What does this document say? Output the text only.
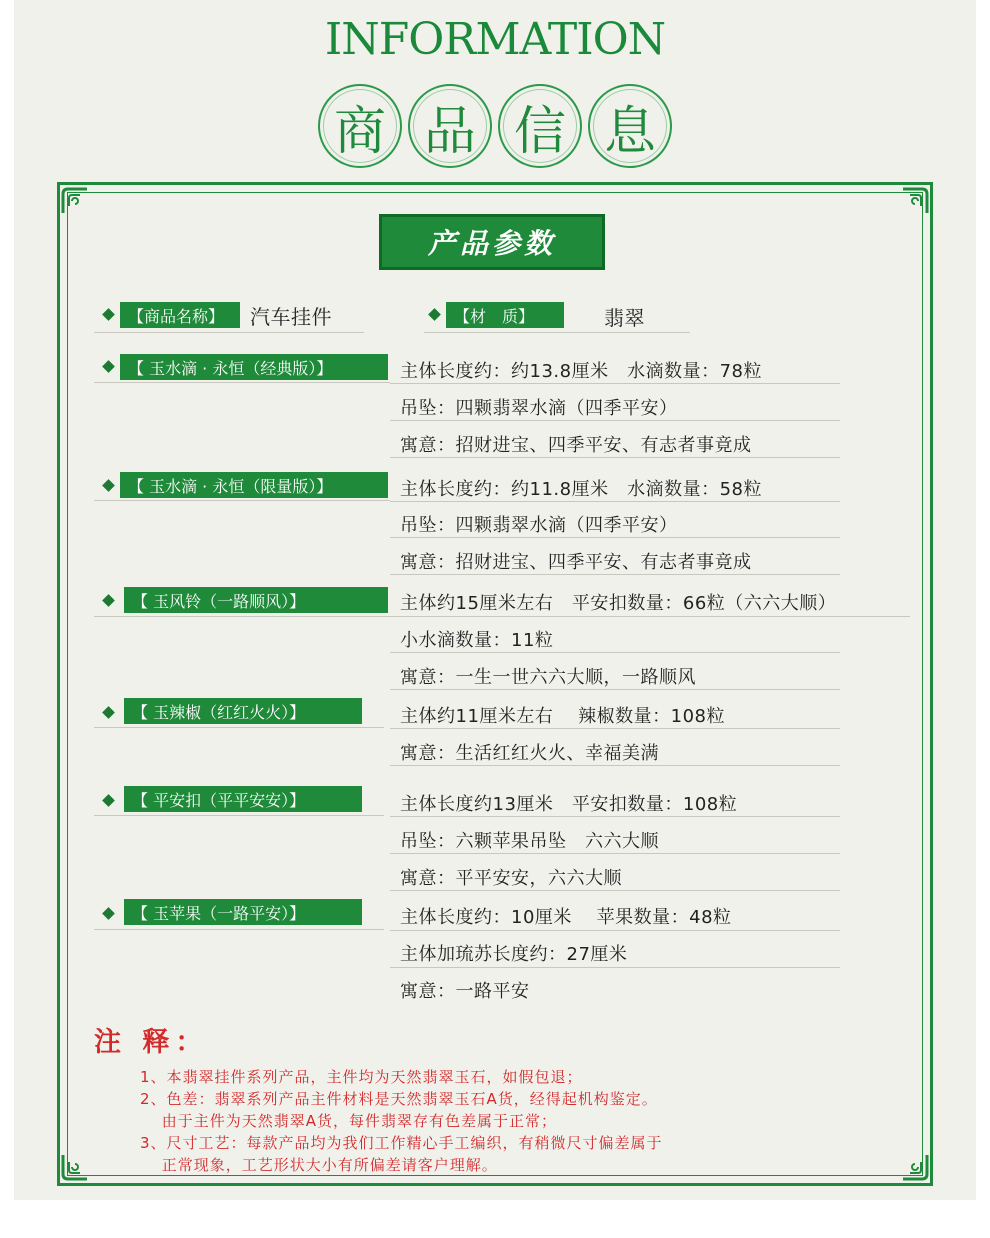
INFORMATION
商 品 信 息
产品参数
【商品名称】	汽车挂件	【材　质】	翡翠
【 玉水滴 · 永恒（经典版）】	主体长度约：约13.8厘米　水滴数量：78粒
吊坠：四颗翡翠水滴（四季平安）
寓意：招财进宝、四季平安、有志者事竟成
【 玉水滴 · 永恒（限量版）】	主体长度约：约11.8厘米　水滴数量：58粒
吊坠：四颗翡翠水滴（四季平安）
寓意：招财进宝、四季平安、有志者事竟成
【 玉风铃（一路顺风）】	主体约15厘米左右　平安扣数量：66粒（六六大顺）
小水滴数量：11粒
寓意：一生一世六六大顺，一路顺风
【 玉辣椒（红红火火）】	主体约11厘米左右　 辣椒数量：108粒
寓意：生活红红火火、幸福美满
【 平安扣（平平安安）】	主体长度约13厘米　平安扣数量：108粒
吊坠：六颗苹果吊坠　六六大顺
寓意：平平安安，六六大顺
【 玉苹果（一路平安）】	主体长度约：10厘米　 苹果数量：48粒
主体加琉苏长度约：27厘米
寓意：一路平安
注 释：
1、本翡翠挂件系列产品，主件均为天然翡翠玉石，如假包退；
2、色差：翡翠系列产品主件材料是天然翡翠玉石A货，经得起机构鉴定。
　 由于主件为天然翡翠A货，每件翡翠存有色差属于正常；
3、尺寸工艺：每款产品均为我们工作精心手工编织，有稍微尺寸偏差属于
　 正常现象，工艺形状大小有所偏差请客户理解。
